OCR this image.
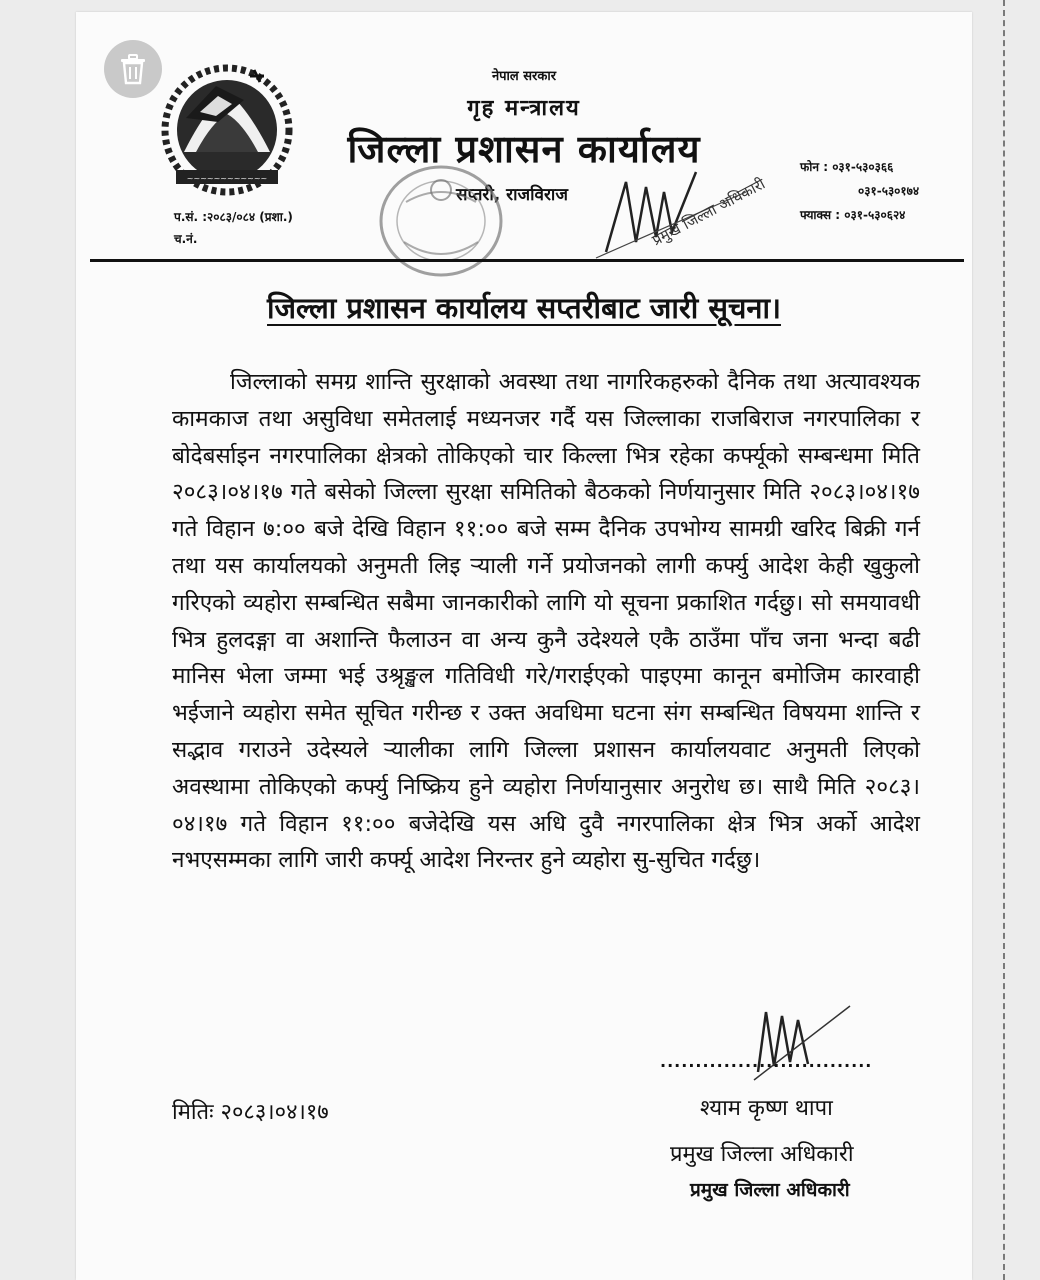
~~~~~~~~~~~~
नेपाल सरकार
गृह मन्त्रालय
जिल्ला प्रशासन कार्यालय
सप्तरी, राजविराज
फोन : ०३१-५३०३६६
०३१-५३०१७४
फ्याक्स : ०३१-५३०६२४
प.सं. :२०८३/०८४ (प्रशा.)
च.नं.	प्रमुख जिल्ला अधिकारी
जिल्ला प्रशासन कार्यालय सप्तरीबाट जारी सूचना।
जिल्लाको समग्र शान्ति सुरक्षाको अवस्था तथा नागरिकहरुको दैनिक तथा अत्यावश्यक कामकाज तथा असुविधा समेतलाई मध्यनजर गर्दै यस जिल्लाका राजबिराज नगरपालिका र बोदेबर्साइन नगरपालिका क्षेत्रको तोकिएको चार किल्ला भित्र रहेका कर्फ्यूको सम्बन्धमा मिति २०८३।०४।१७ गते बसेको जिल्ला सुरक्षा समितिको बैठकको निर्णयानुसार मिति २०८३।०४।१७ गते विहान ७:०० बजे देखि विहान ११:०० बजे सम्म दैनिक उपभोग्य सामग्री खरिद बिक्री गर्न तथा यस कार्यालयको अनुमती लिइ र्‍याली गर्ने प्रयोजनको लागी कर्फ्यु आदेश केही खुकुलो गरिएको व्यहोरा सम्बन्धित सबैमा जानकारीको लागि यो सूचना प्रकाशित गर्दछु। सो समयावधी भित्र हुलदङ्गा वा अशान्ति फैलाउन वा अन्य कुनै उदेश्यले एकै ठाउँमा पाँच जना भन्दा बढी मानिस भेला जम्मा भई उश्रृङ्खल गतिविधी गरे/गराईएको पाइएमा कानून बमोजिम कारवाही भईजाने व्यहोरा समेत सूचित गरीन्छ र उक्त अवधिमा घटना संग सम्बन्धित विषयमा शान्ति र सद्भाव गराउने उदेस्यले र्‍यालीका लागि जिल्ला प्रशासन कार्यालयवाट अनुमती लिएको अवस्थामा तोकिएको कर्फ्यु निष्क्रिय हुने व्यहोरा निर्णयानुसार अनुरोध छ। साथै मिति २०८३।०४।१७ गते विहान ११:०० बजेदेखि यस अधि दुवै नगरपालिका क्षेत्र भित्र अर्को आदेश नभएसम्मका लागि जारी कर्फ्यू आदेश निरन्तर हुने व्यहोरा सु-सुचित गर्दछु।
..............................
मितिः २०८३।०४।१७	श्याम कृष्ण थापा
प्रमुख जिल्ला अधिकारी
प्रमुख जिल्ला अधिकारी
